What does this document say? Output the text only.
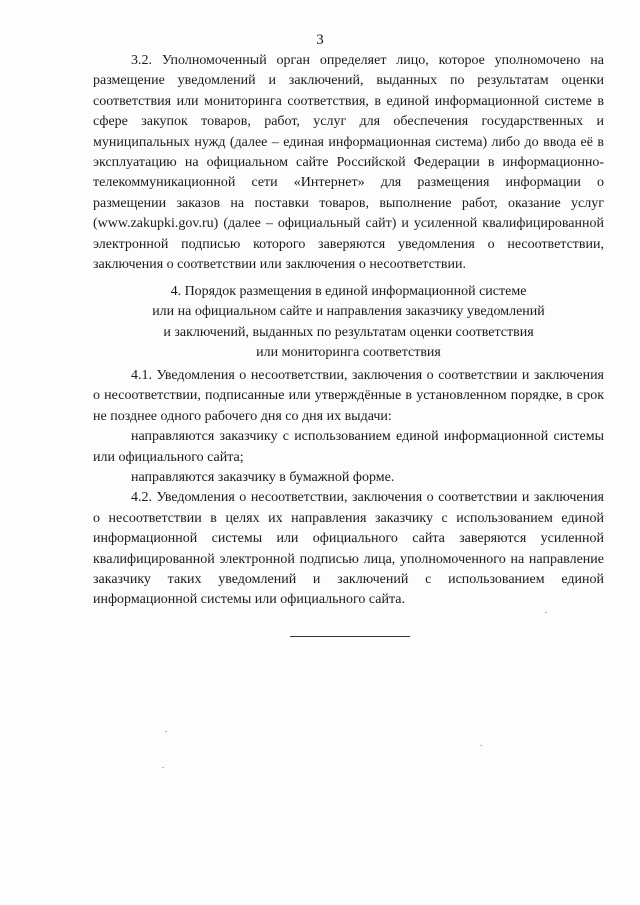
3

3.2. Уполномоченный орган определяет лицо, которое уполномочено на размещение уведомлений и заключений, выданных по результатам оценки соответствия или мониторинга соответствия, в единой информационной системе в сфере закупок товаров, работ, услуг для обеспечения государственных и муниципальных нужд (далее – единая информационная система) либо до ввода её в эксплуатацию на официальном сайте Российской Федерации в информационно-телекоммуникационной сети «Интернет» для размещения информации о размещении заказов на поставки товаров, выполнение работ, оказание услуг (www.zakupki.gov.ru) (далее – официальный сайт) и усиленной квалифицированной электронной подписью которого заверяются уведомления о несоответствии, заключения о соответствии или заключения о несоответствии.

4. Порядок размещения в единой информационной системе
или на официальном сайте и направления заказчику уведомлений
и заключений, выданных по результатам оценки соответствия
или мониторинга соответствия

4.1. Уведомления о несоответствии, заключения о соответствии и заключения о несоответствии, подписанные или утверждённые в установленном порядке, в срок не позднее одного рабочего дня со дня их выдачи:

направляются заказчику с использованием единой информационной системы или официального сайта;

направляются заказчику в бумажной форме.

4.2. Уведомления о несоответствии, заключения о соответствии и заключения о несоответствии в целях их направления заказчику с использованием единой информационной системы или официального сайта заверяются усиленной квалифицированной электронной подписью лица, уполномоченного на направление заказчику таких уведомлений и заключений с использованием единой информационной системы или официального сайта.
